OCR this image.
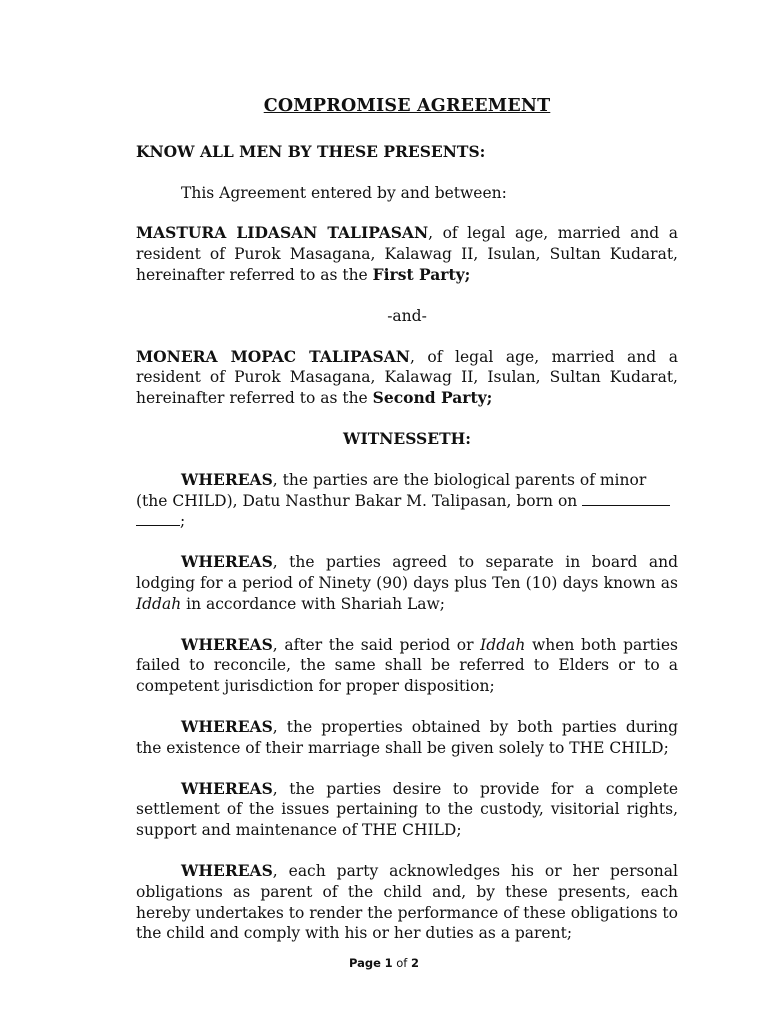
COMPROMISE AGREEMENT

KNOW ALL MEN BY THESE PRESENTS:

This Agreement entered by and between:

MASTURA LIDASAN TALIPASAN, of legal age, married and a resident of Purok Masagana, Kalawag II, Isulan, Sultan Kudarat, hereinafter referred to as the First Party;

-and-

MONERA MOPAC TALIPASAN, of legal age, married and a resident of Purok Masagana, Kalawag II, Isulan, Sultan Kudarat, hereinafter referred to as the Second Party;

WITNESSETH:

WHEREAS, the parties are the biological parents of minor (the CHILD), Datu Nasthur Bakar M. Talipasan, born on  ;

WHEREAS, the parties agreed to separate in board and lodging for a period of Ninety (90) days plus Ten (10) days known as Iddah in accordance with Shariah Law;

WHEREAS, after the said period or Iddah when both parties failed to reconcile, the same shall be referred to Elders or to a competent jurisdiction for proper disposition;

WHEREAS, the properties obtained by both parties during the existence of their marriage shall be given solely to THE CHILD;

WHEREAS, the parties desire to provide for a complete settlement of the issues pertaining to the custody, visitorial rights, support and maintenance of THE CHILD;

WHEREAS, each party acknowledges his or her personal obligations as parent of the child and, by these presents, each hereby undertakes to render the performance of these obligations to the child and comply with his or her duties as a parent;

Page 1 of 2
